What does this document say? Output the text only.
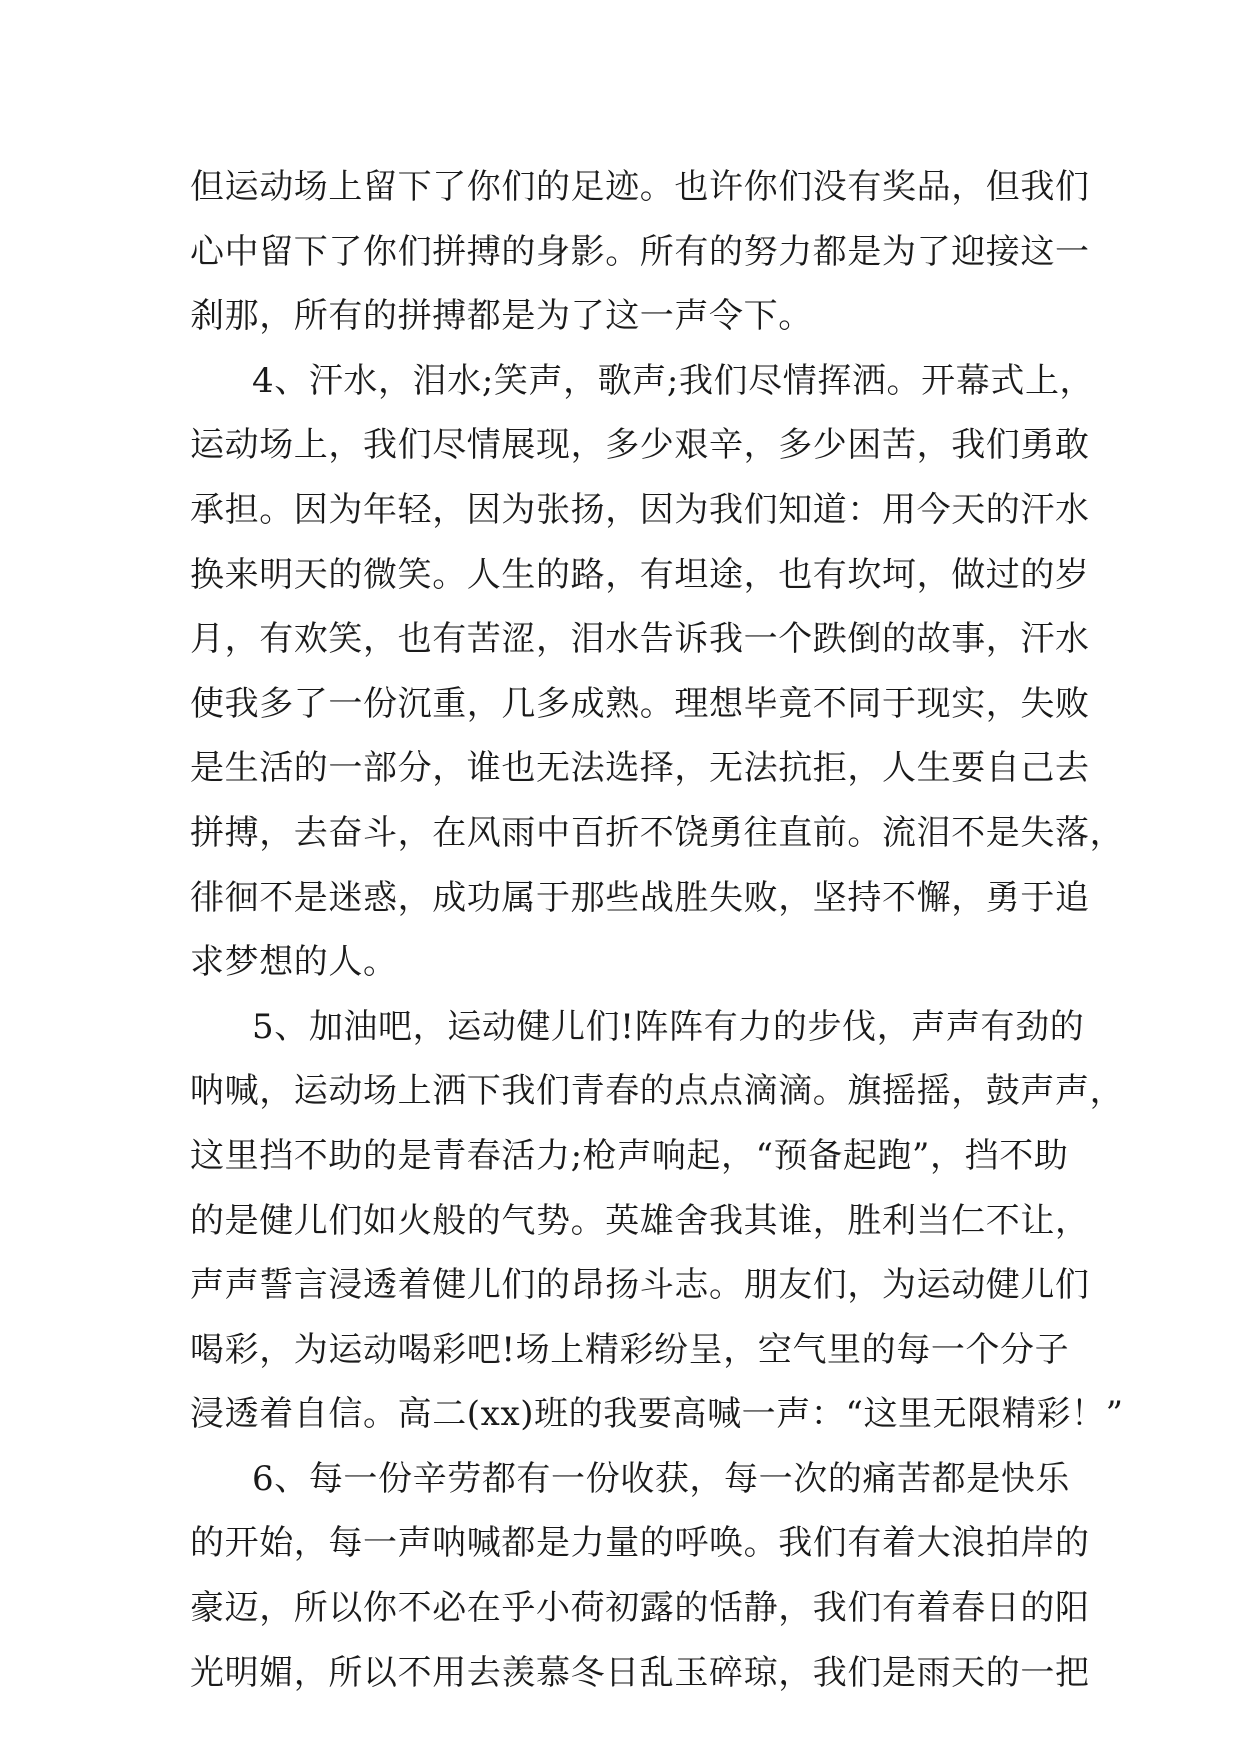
但运动场上留下了你们的足迹。也许你们没有奖品，但我们
心中留下了你们拼搏的身影。所有的努力都是为了迎接这一
刹那，所有的拼搏都是为了这一声令下。
4、汗水，泪水;笑声，歌声;我们尽情挥洒。开幕式上，
运动场上，我们尽情展现，多少艰辛，多少困苦，我们勇敢
承担。因为年轻，因为张扬，因为我们知道：用今天的汗水
换来明天的微笑。人生的路，有坦途，也有坎坷，做过的岁
月，有欢笑，也有苦涩，泪水告诉我一个跌倒的故事，汗水
使我多了一份沉重，几多成熟。理想毕竟不同于现实，失败
是生活的一部分，谁也无法选择，无法抗拒，人生要自己去
拼搏，去奋斗，在风雨中百折不饶勇往直前。流泪不是失落，
徘徊不是迷惑，成功属于那些战胜失败，坚持不懈，勇于追
求梦想的人。
5、加油吧，运动健儿们!阵阵有力的步伐，声声有劲的
呐喊，运动场上洒下我们青春的点点滴滴。旗摇摇，鼓声声，
这里挡不助的是青春活力;枪声响起，“预备起跑”，挡不助
的是健儿们如火般的气势。英雄舍我其谁，胜利当仁不让，
声声誓言浸透着健儿们的昂扬斗志。朋友们，为运动健儿们
喝彩，为运动喝彩吧!场上精彩纷呈，空气里的每一个分子
浸透着自信。高二(xx)班的我要高喊一声：“这里无限精彩！”
6、每一份辛劳都有一份收获，每一次的痛苦都是快乐
的开始，每一声呐喊都是力量的呼唤。我们有着大浪拍岸的
豪迈，所以你不必在乎小荷初露的恬静，我们有着春日的阳
光明媚，所以不用去羡慕冬日乱玉碎琼，我们是雨天的一把
